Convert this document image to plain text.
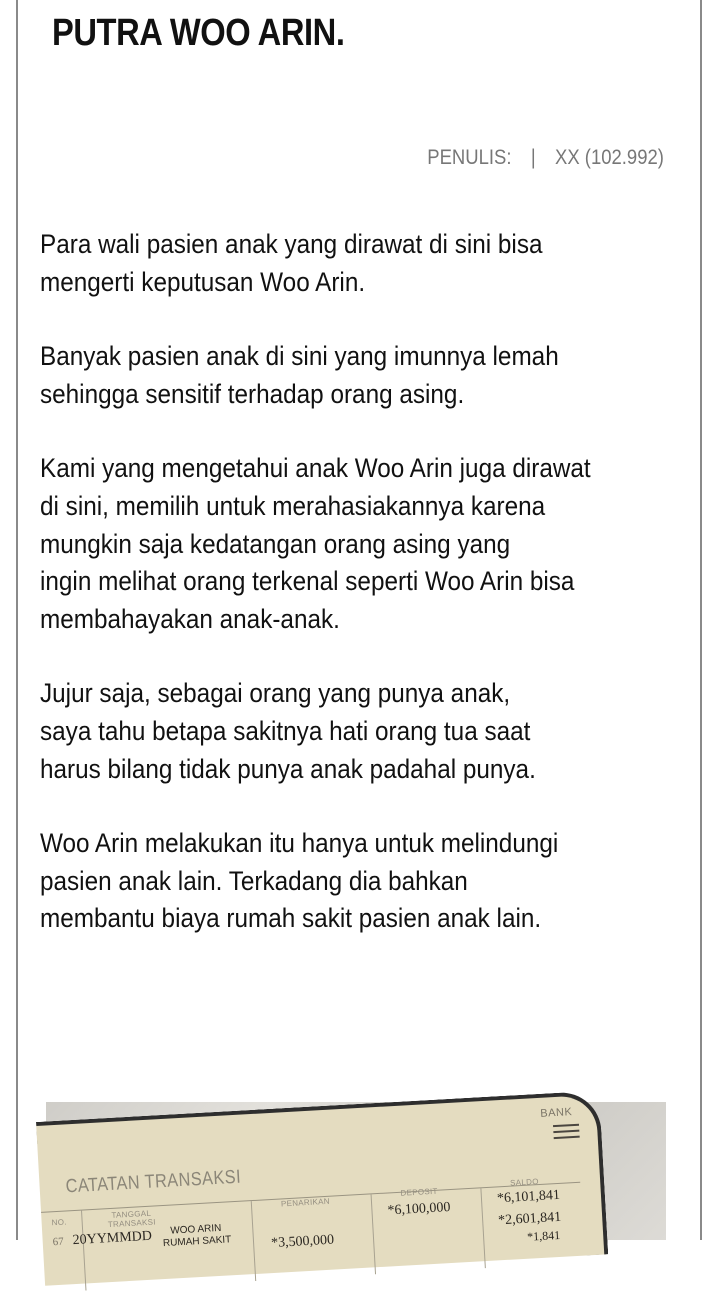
PUTRA WOO ARIN.
PENULIS: | XX (102.992)

Para wali pasien anak yang dirawat di sini bisa
mengerti keputusan Woo Arin.

Banyak pasien anak di sini yang imunnya lemah
sehingga sensitif terhadap orang asing.

Kami yang mengetahui anak Woo Arin juga dirawat
di sini, memilih untuk merahasiakannya karena
mungkin saja kedatangan orang asing yang
ingin melihat orang terkenal seperti Woo Arin bisa
membahayakan anak-anak.

Jujur saja, sebagai orang yang punya anak,
saya tahu betapa sakitnya hati orang tua saat
harus bilang tidak punya anak padahal punya.

Woo Arin melakukan itu hanya untuk melindungi
pasien anak lain. Terkadang dia bahkan
membantu biaya rumah sakit pasien anak lain.

BANK
CATATAN TRANSAKSI
NO.
TANGGAL TRANSAKSI
PENARIKAN
DEPOSIT
SALDO
67 20YYMMDD WOO ARIN
RUMAH SAKIT	*3,500,000
*6,100,000
*6,101,841
*2,601,841
*1,841
